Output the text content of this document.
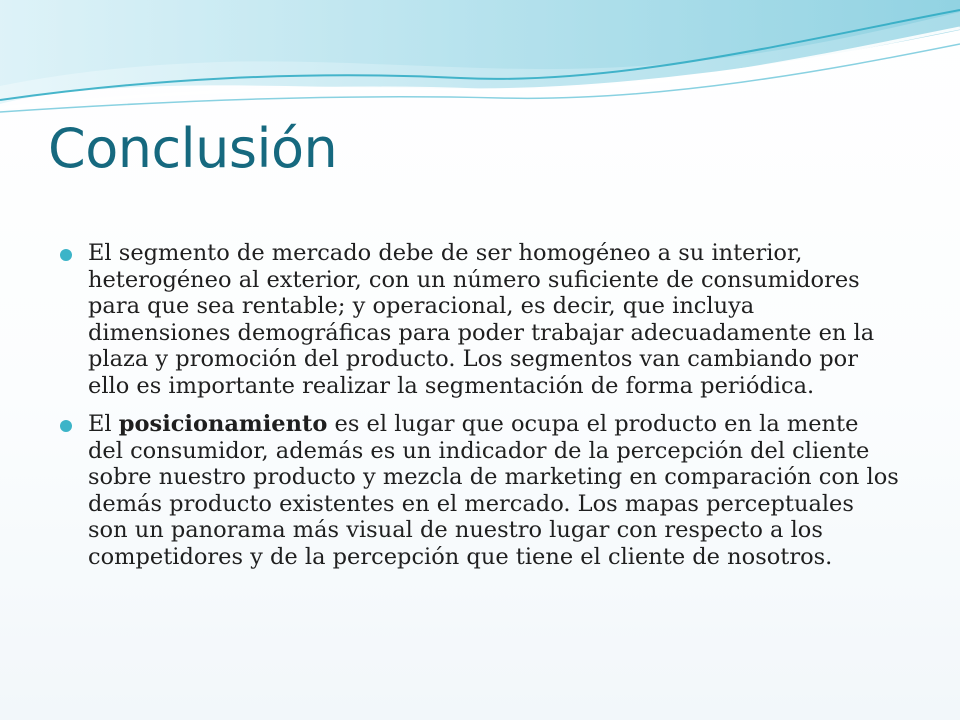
Conclusión
El segmento de mercado debe de ser homogéneo a su interior, heterogéneo al exterior, con un número suficiente de consumidores para que sea rentable; y operacional, es decir, que incluya dimensiones demográficas para poder trabajar adecuadamente en la plaza y promoción del producto. Los segmentos van cambiando por ello es importante realizar la segmentación de forma periódica.
El posicionamiento es el lugar que ocupa el producto en la mente del consumidor, además es un indicador de la percepción del cliente sobre nuestro producto y mezcla de marketing en comparación con los demás producto existentes en el mercado. Los mapas perceptuales son un panorama más visual de nuestro lugar con respecto a los competidores y de la percepción que tiene el cliente de nosotros.
